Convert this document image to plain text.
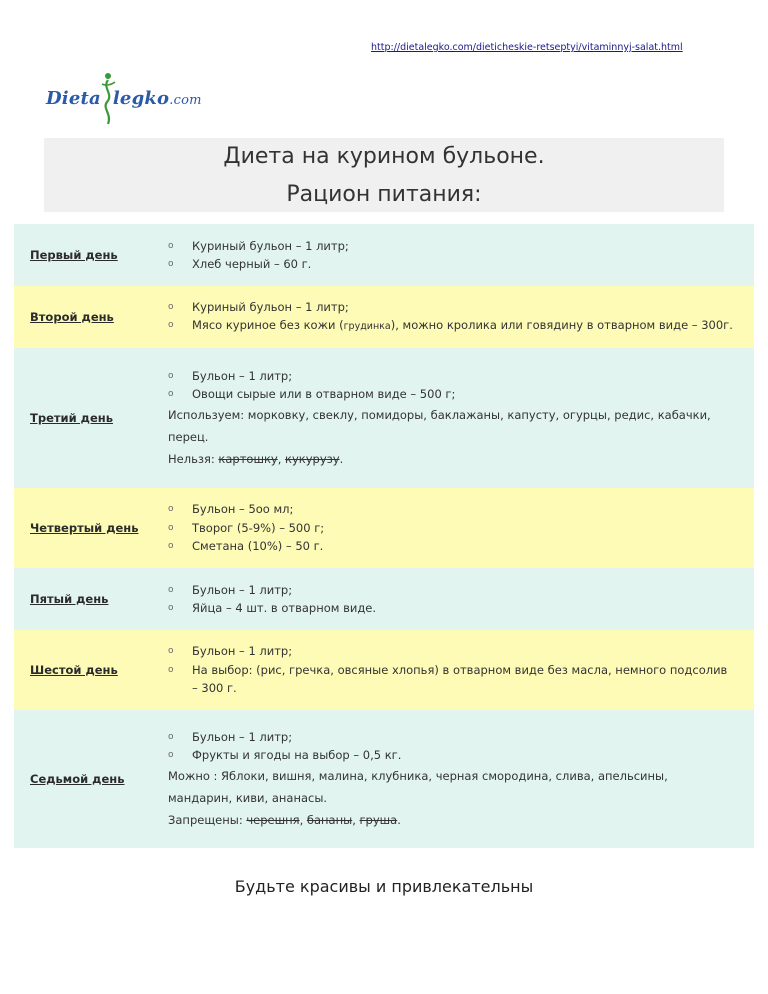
http://dietalegko.com/dieticheskie-retseptyi/vitaminnyj-salat.html
Dieta legko.com
Диета на курином бульоне.
Рацион питания:
Первый день
o	Куриный бульон – 1 литр;
o	Хлеб черный – 60 г.
Второй день
o	Куриный бульон – 1 литр;
o	Мясо куриное без кожи (грудинка), можно кролика или говядину в отварном виде – 300г.
Третий день
o	Бульон – 1 литр;
o	Овощи сырые или в отварном виде – 500 г;
Используем: морковку, свеклу, помидоры, баклажаны, капусту, огурцы, редис, кабачки,
перец.
Нельзя: картошку, кукурузу.
Четвертый день
o	Бульон – 5оо мл;
o	Творог (5-9%) – 500 г;
o	Сметана (10%) – 50 г.
Пятый день
o	Бульон – 1 литр;
o	Яйца – 4 шт. в отварном виде.
Шестой день
o	Бульон – 1 литр;
o	На выбор: (рис, гречка, овсяные хлопья) в отварном виде без масла, немного подсолив
– 300 г.
Седьмой день
o	Бульон – 1 литр;
o	Фрукты и ягоды на выбор – 0,5 кг.
Можно : Яблоки, вишня, малина, клубника, черная смородина, слива, апельсины,
мандарин, киви, ананасы.
Запрещены: черешня, бананы, груша.
Будьте красивы и привлекательны
